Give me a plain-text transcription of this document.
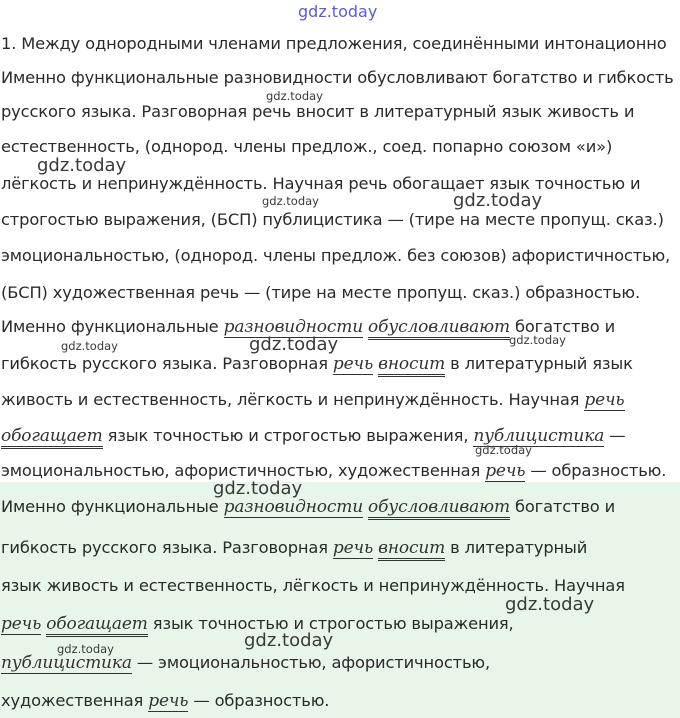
gdz.today
1. Между однородными членами предложения, соединёнными интонационно
Именно функциональные разновидности обусловливают богатство и гибкость
русского языка. Разговорная речь вносит в литературный язык живость и
естественность, (однород. члены предлож., соед. попарно союзом «и»)
лёгкость и непринуждённость. Научная речь обогащает язык точностью и
строгостью выражения, (БСП) публицистика — (тире на месте пропущ. сказ.)
эмоциональностью, (однород. члены предлож. без союзов) афористичностью,
(БСП) художественная речь — (тире на месте пропущ. сказ.) образностью.
Именно функциональные разновидности обусловливают богатство и
гибкость русского языка. Разговорная речь вносит в литературный язык
живость и естественность, лёгкость и непринуждённость. Научная речь
обогащает язык точностью и строгостью выражения, публицистика —
эмоциональностью, афористичностью, художественная речь — образностью.
Именно функциональные разновидности обусловливают богатство и
гибкость русского языка. Разговорная речь вносит в литературный
язык живость и естественность, лёгкость и непринуждённость. Научная
речь обогащает язык точностью и строгостью выражения,
публицистика — эмоциональностью, афористичностью,
художественная речь — образностью.
gdz.today
gdz.today
gdz.today	gdz.today
gdz.today
gdz.today	gdz.today
gdz.today
gdz.today
gdz.today
gdz.today
gdz.today
